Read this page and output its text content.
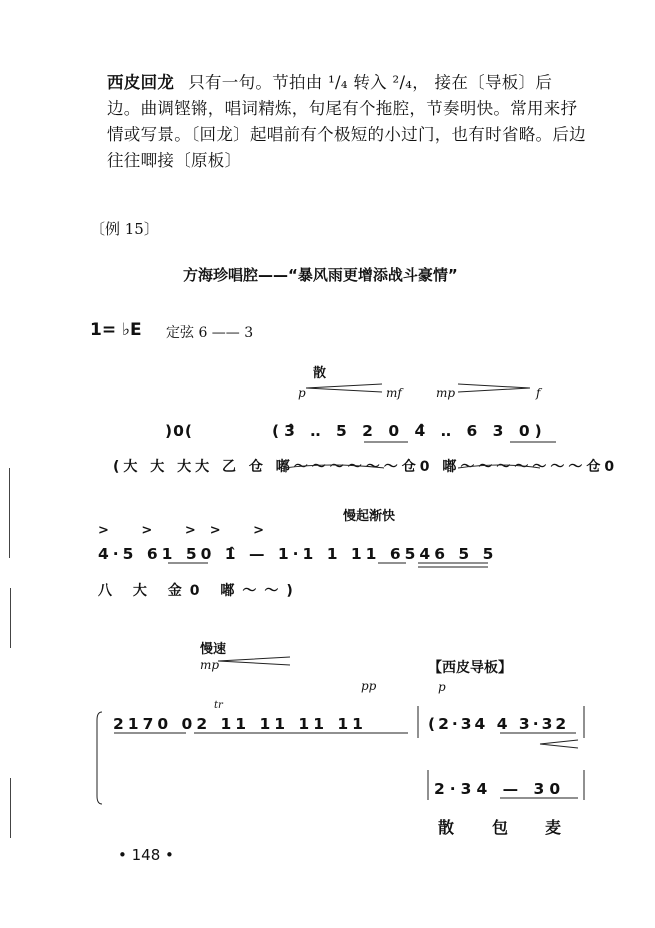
西皮回龙 只有一句。节拍由 ¹/₄ 转入 ²/₄， 接在〔导板〕后
边。曲调铿锵，唱词精炼，句尾有个拖腔，节奏明快。常用来抒
情或写景。〔回龙〕起唱前有个极短的小过门，也有时省略。后边
往往唧接〔原板〕
〔例 15〕
方海珍唱腔——“暴风雨更增添战斗豪情”
1= ♭E 定弦 6 —— 3
散
p	mf	mp	f
)0(	(3̂ ‥ 5 2 0 4̂ ‥ 6 3 0)
(大 大 大大 乙 仓 嘟～～～～～～仓0 嘟～～～～～～～仓0
慢起渐快
> > >> >
4·5 61 50 1̂ — 1·1 1 11 6546 5 5
八 大 金0 嘟～～)
慢速
mp
pp	p
【西皮导板】
tr
2170 02 11 11 11 11	(2·34 4 3·32
2·34 — 30
散 包 麦
• 148 •
